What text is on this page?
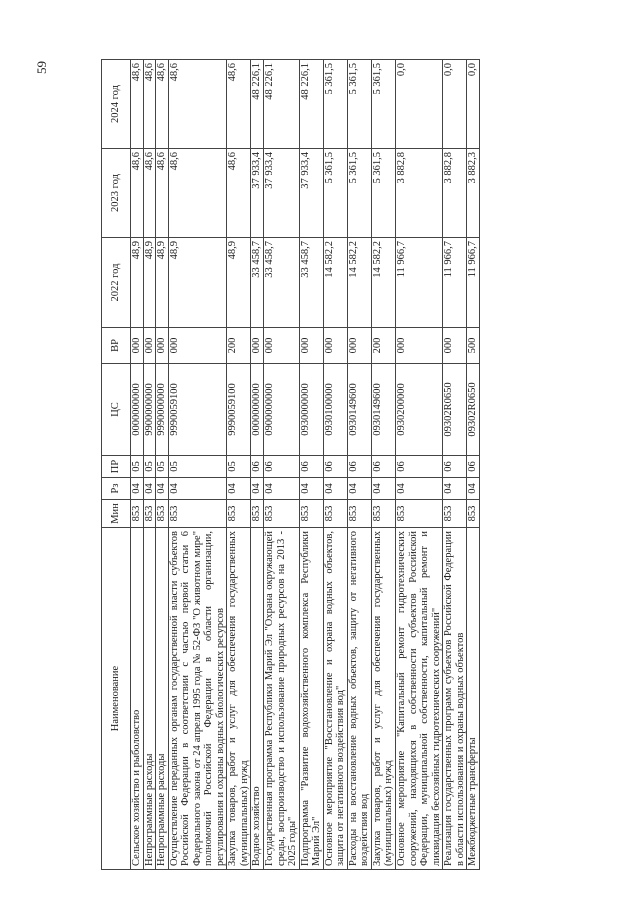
59
Наименование	Мин	Рз	ПР	ЦС	ВР	2022 год	2023 год	2024 год
Сельское хозяйство и рыболовство	853	04	05	0000000000	000	48,9	48,6	48,6
Непрограммные расходы	853	04	05	9900000000	000	48,9	48,6	48,6
Непрограммные расходы	853	04	05	9990000000	000	48,9	48,6	48,6
Осуществление переданных органам государственной власти субъектов Российской Федерации в соответствии с частью первой статьи 6 Федерального закона от 24 апреля 1995 года № 52-ФЗ "О животном мире" полномочий Российской Федерации в области организации, регулирования и охраны водных биологических ресурсов	853	04	05	9990059100	000	48,9	48,6	48,6
Закупка товаров, работ и услуг для обеспечения государственных (муниципальных) нужд	853	04	05	9990059100	200	48,9	48,6	48,6
Водное хозяйство	853	04	06	0000000000	000	33 458,7	37 933,4	48 226,1
Государственная программа Республики Марий Эл "Охрана окружающей среды, воспроизводство и использование природных ресурсов на 2013 - 2025 годы"	853	04	06	0900000000	000	33 458,7	37 933,4	48 226,1
Подпрограмма "Развитие водохозяйственного комплекса Республики Марий Эл"	853	04	06	0930000000	000	33 458,7	37 933,4	48 226,1
Основное мероприятие "Восстановление и охрана водных объектов, защита от негативного воздействия вод"	853	04	06	0930100000	000	14 582,2	5 361,5	5 361,5
Расходы на восстановление водных объектов, защиту от негативного воздействия вод	853	04	06	0930149600	000	14 582,2	5 361,5	5 361,5
Закупка товаров, работ и услуг для обеспечения государственных (муниципальных) нужд	853	04	06	0930149600	200	14 582,2	5 361,5	5 361,5
Основное мероприятие "Капитальный ремонт гидротехнических сооружений, находящихся в собственности субъектов Российской Федерации, муниципальной собственности, капитальный ремонт и ликвидация бесхозяйных гидротехнических сооружений"	853	04	06	0930200000	000	11 966,7	3 882,8	0,0
Реализация государственных программ субъектов Российской Федерации в области использования и охраны водных объектов	853	04	06	09302R0650	000	11 966,7	3 882,8	0,0
Межбюджетные трансферты	853	04	06	09302R0650	500	11 966,7	3 882,3	0,0
